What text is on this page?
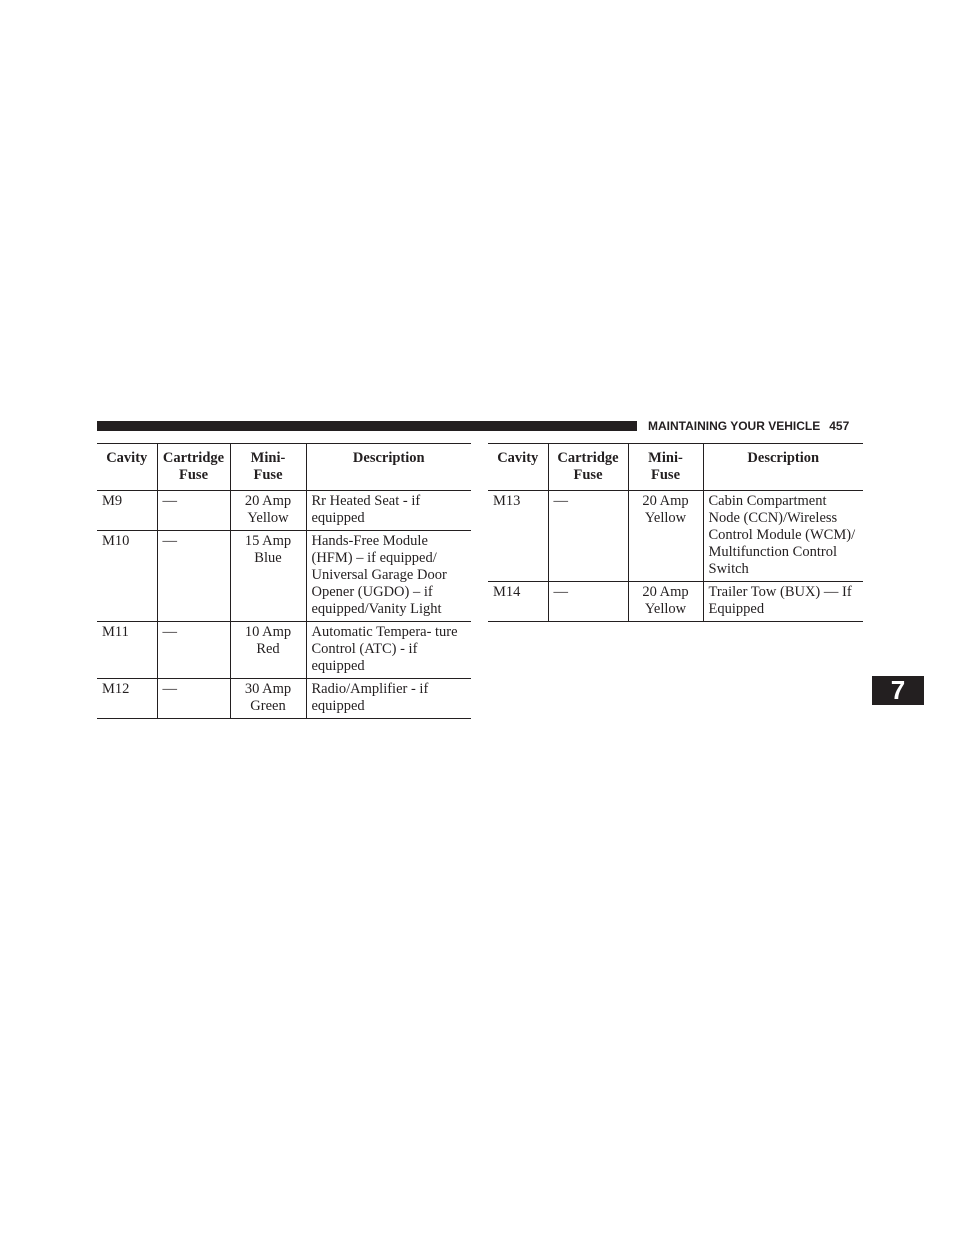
MAINTAINING YOUR VEHICLE 457
Cavity	Cartridge Fuse	Mini- Fuse	Description
M9	—	20 Amp Yellow	Rr Heated Seat - if equipped
M10	—	15 Amp Blue	Hands-Free Module (HFM) – if equipped/ Universal Garage Door Opener (UGDO) – if equipped/Vanity Light
M11	—	10 Amp Red	Automatic Tempera- ture Control (ATC) - if equipped
M12	—	30 Amp Green	Radio/Amplifier - if equipped
Cavity	Cartridge Fuse	Mini- Fuse	Description
M13	—	20 Amp Yellow	Cabin Compartment Node (CCN)/Wireless Control Module (WCM)/ Multifunction Control Switch
M14	—	20 Amp Yellow	Trailer Tow (BUX) — If Equipped
7
